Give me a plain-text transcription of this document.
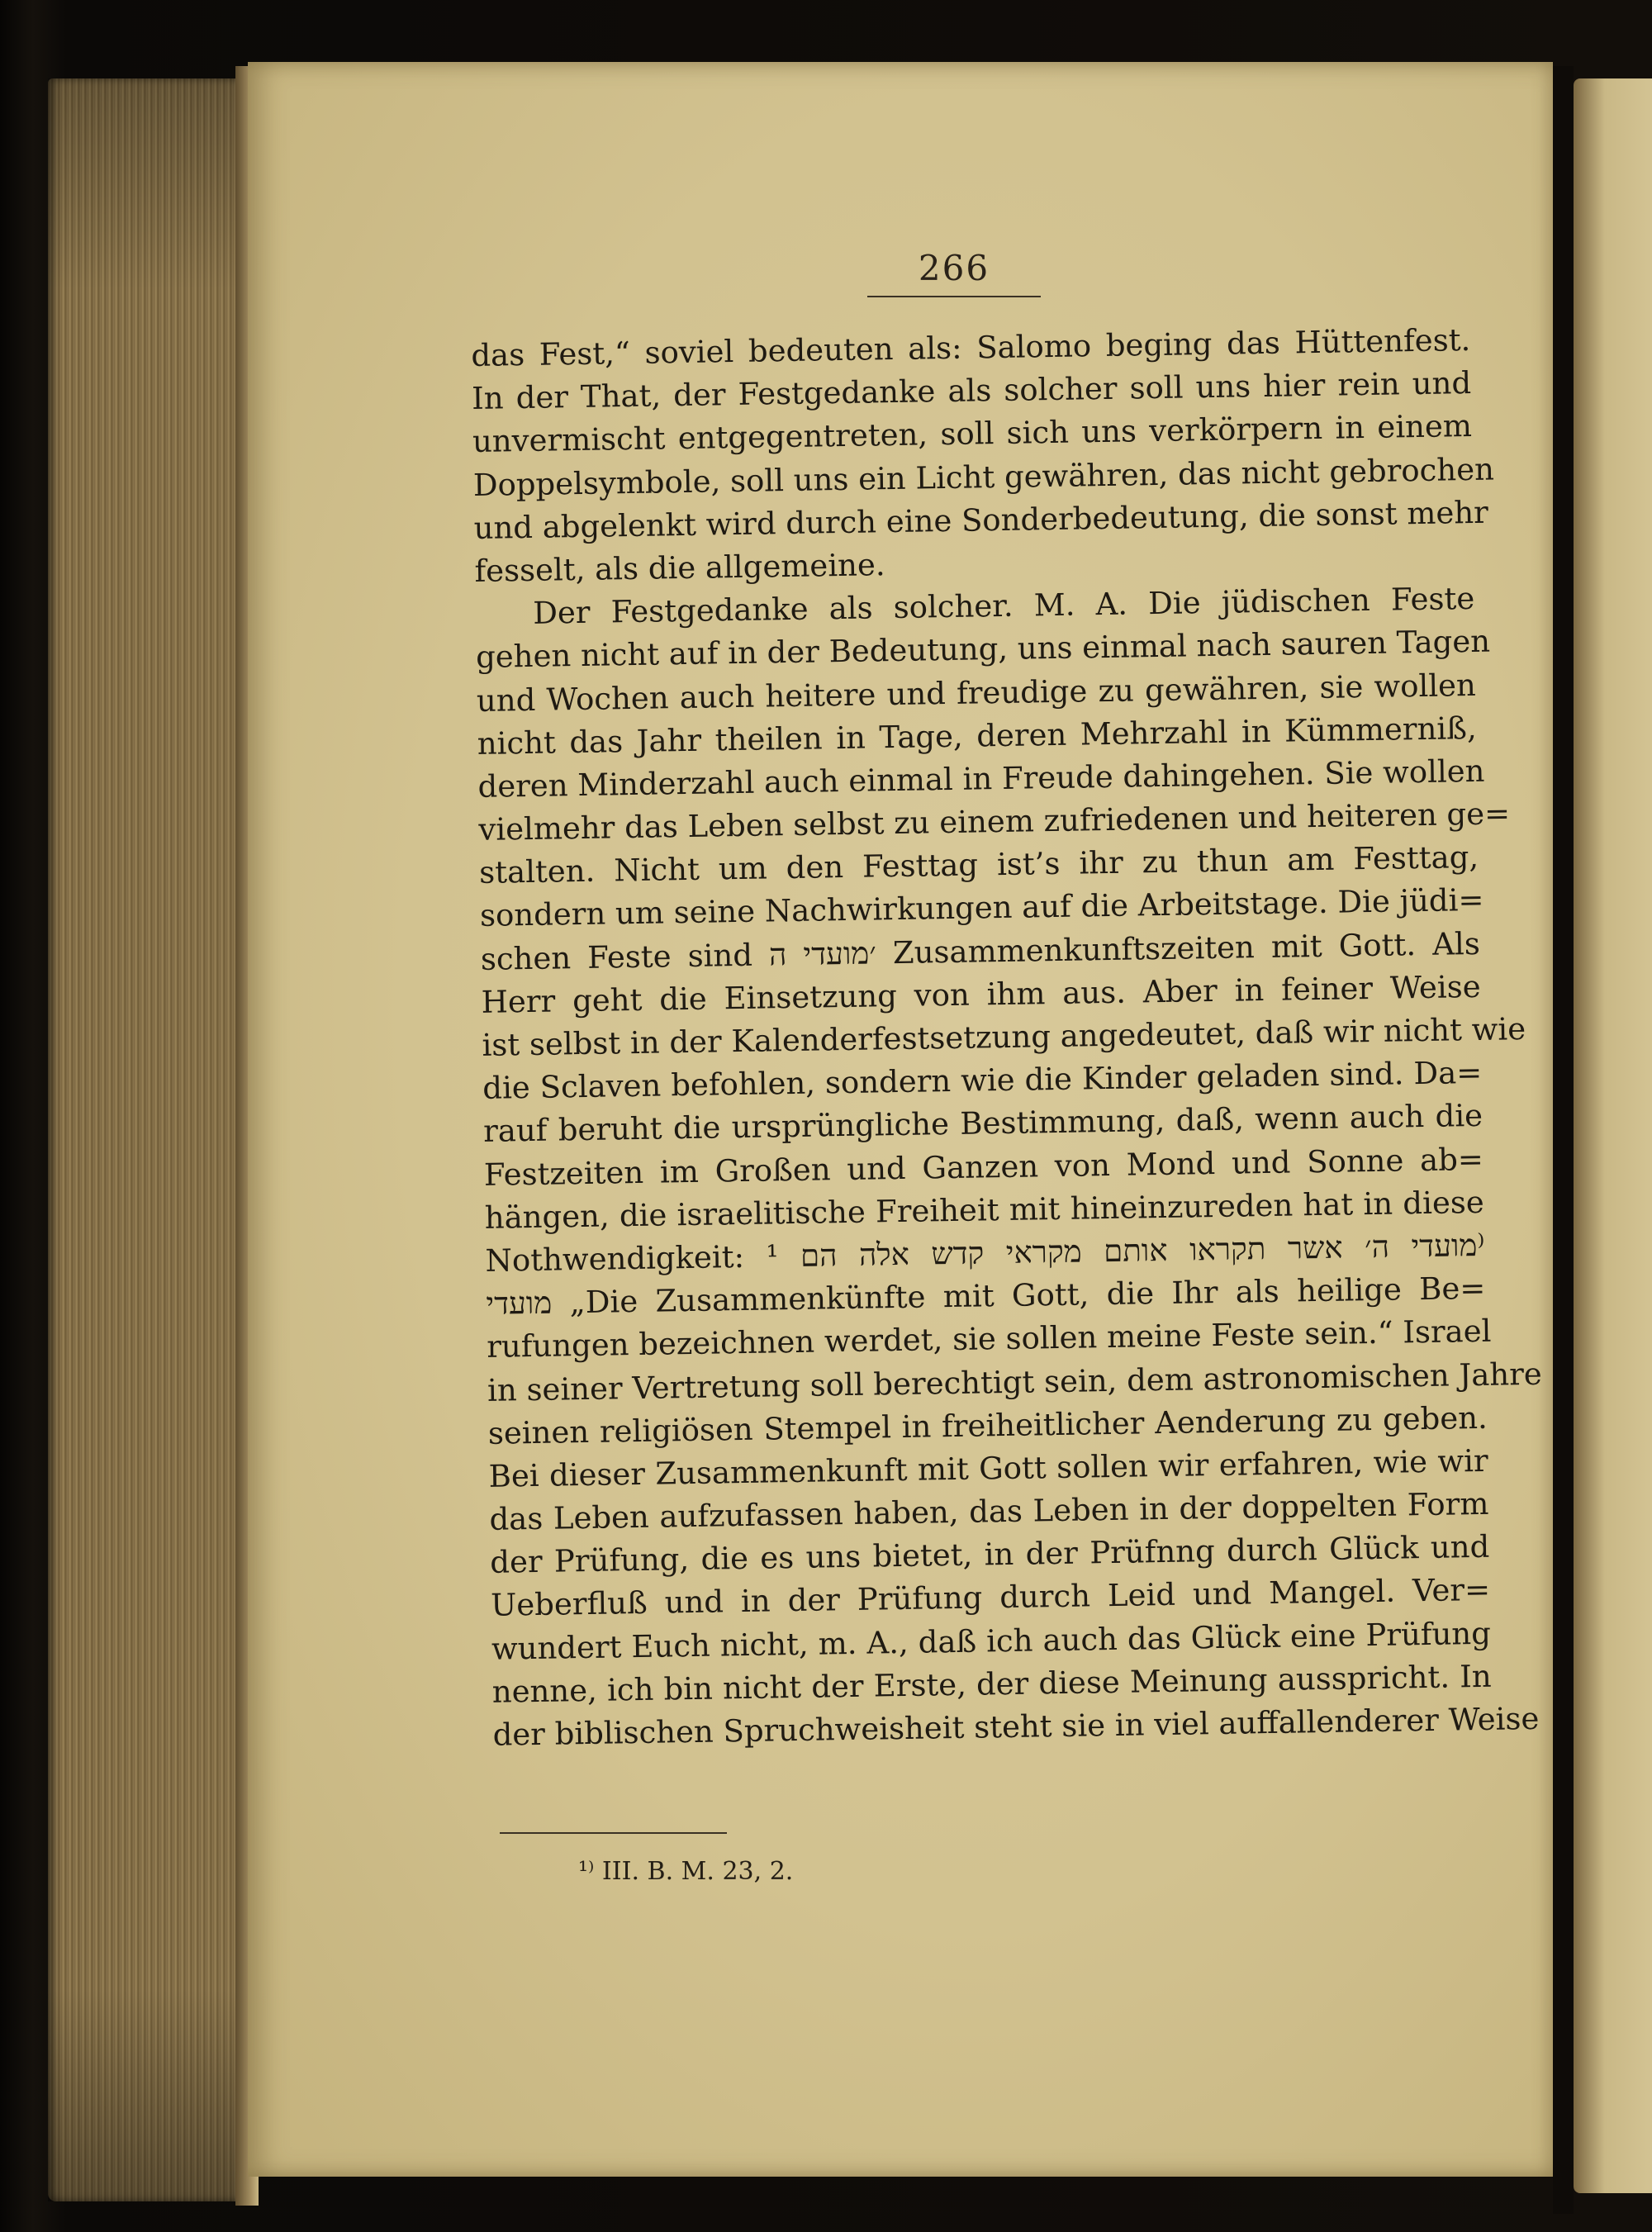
266
das Fest,“ soviel bedeuten als: Salomo beging das Hüttenfest.
In der That, der Festgedanke als solcher soll uns hier rein und
unvermischt entgegentreten, soll sich uns verkörpern in einem
Doppelsymbole, soll uns ein Licht gewähren, das nicht gebrochen
und abgelenkt wird durch eine Sonderbedeutung, die sonst mehr
fesselt, als die allgemeine.
Der Festgedanke als solcher. M. A. Die jüdischen Feste
gehen nicht auf in der Bedeutung, uns einmal nach sauren Tagen
und Wochen auch heitere und freudige zu gewähren, sie wollen
nicht das Jahr theilen in Tage, deren Mehrzahl in Kümmerniß,
deren Minderzahl auch einmal in Freude dahingehen. Sie wollen
vielmehr das Leben selbst zu einem zufriedenen und heiteren ge=
stalten. Nicht um den Festtag ist’s ihr zu thun am Festtag,
sondern um seine Nachwirkungen auf die Arbeitstage. Die jüdi=
schen Feste sind ׳מועדי ה Zusammenkunftszeiten mit Gott. Als
Herr geht die Einsetzung von ihm aus. Aber in feiner Weise
ist selbst in der Kalenderfestsetzung angedeutet, daß wir nicht wie
die Sclaven befohlen, sondern wie die Kinder geladen sind. Da=
rauf beruht die ursprüngliche Bestimmung, daß, wenn auch die
Festzeiten im Großen und Ganzen von Mond und Sonne ab=
hängen, die israelitische Freiheit mit hineinzureden hat in diese
Nothwendigkeit: מועדי ה׳ אשר תקראו אותם מקראי קדש אלה הם ¹⁾
מועדי „Die Zusammenkünfte mit Gott, die Ihr als heilige Be=
rufungen bezeichnen werdet, sie sollen meine Feste sein.“ Israel
in seiner Vertretung soll berechtigt sein, dem astronomischen Jahre
seinen religiösen Stempel in freiheitlicher Aenderung zu geben.
Bei dieser Zusammenkunft mit Gott sollen wir erfahren, wie wir
das Leben aufzufassen haben, das Leben in der doppelten Form
der Prüfung, die es uns bietet, in der Prüfnng durch Glück und
Ueberfluß und in der Prüfung durch Leid und Mangel. Ver=
wundert Euch nicht, m. A., daß ich auch das Glück eine Prüfung
nenne, ich bin nicht der Erste, der diese Meinung ausspricht. In
der biblischen Spruchweisheit steht sie in viel auffallenderer Weise
¹⁾ III. B. M. 23, 2.
